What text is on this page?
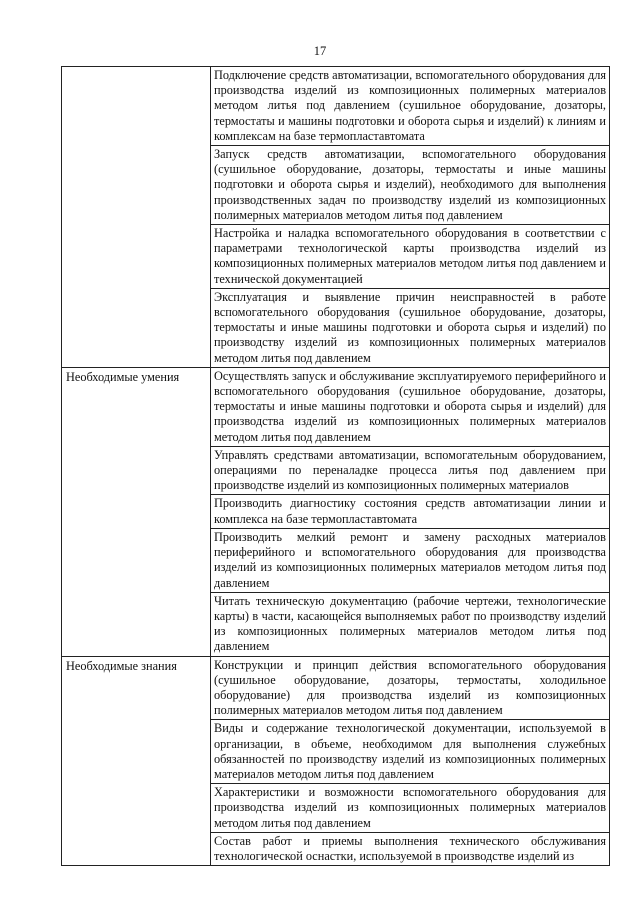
17

	Подключение средств автоматизации, вспомогательного оборудования для производства изделий из композиционных полимерных материалов методом литья под давлением (сушильное оборудование, дозаторы, термостаты и машины подготовки и оборота сырья и изделий) к линиям и комплексам на базе термопластавтомата
Запуск средств автоматизации, вспомогательного оборудования (сушильное оборудование, дозаторы, термостаты и иные машины подготовки и оборота сырья и изделий), необходимого для выполнения производственных задач по производству изделий из композиционных полимерных материалов методом литья под давлением
Настройка и наладка вспомогательного оборудования в соответствии с параметрами технологической карты производства изделий из композиционных полимерных материалов методом литья под давлением и технической документацией
Эксплуатация и выявление причин неисправностей в работе вспомогательного оборудования (сушильное оборудование, дозаторы, термостаты и иные машины подготовки и оборота сырья и изделий) по производству изделий из композиционных полимерных материалов методом литья под давлением

Необходимые умения	Осуществлять запуск и обслуживание эксплуатируемого периферийного и вспомогательного оборудования (сушильное оборудование, дозаторы, термостаты и иные машины подготовки и оборота сырья и изделий) для производства изделий из композиционных полимерных материалов методом литья под давлением
Управлять средствами автоматизации, вспомогательным оборудованием, операциями по переналадке процесса литья под давлением при производстве изделий из композиционных полимерных материалов
Производить диагностику состояния средств автоматизации линии и комплекса на базе термопластавтомата
Производить мелкий ремонт и замену расходных материалов периферийного и вспомогательного оборудования для производства изделий из композиционных полимерных материалов методом литья под давлением
Читать техническую документацию (рабочие чертежи, технологические карты) в части, касающейся выполняемых работ по производству изделий из композиционных полимерных материалов методом литья под давлением

Необходимые знания	Конструкции и принцип действия вспомогательного оборудования (сушильное оборудование, дозаторы, термостаты, холодильное оборудование) для производства изделий из композиционных полимерных материалов методом литья под давлением
Виды и содержание технологической документации, используемой в организации, в объеме, необходимом для выполнения служебных обязанностей по производству изделий из композиционных полимерных материалов методом литья под давлением
Характеристики и возможности вспомогательного оборудования для производства изделий из композиционных полимерных материалов методом литья под давлением
Состав работ и приемы выполнения технического обслуживания технологической оснастки, используемой в производстве изделий из
